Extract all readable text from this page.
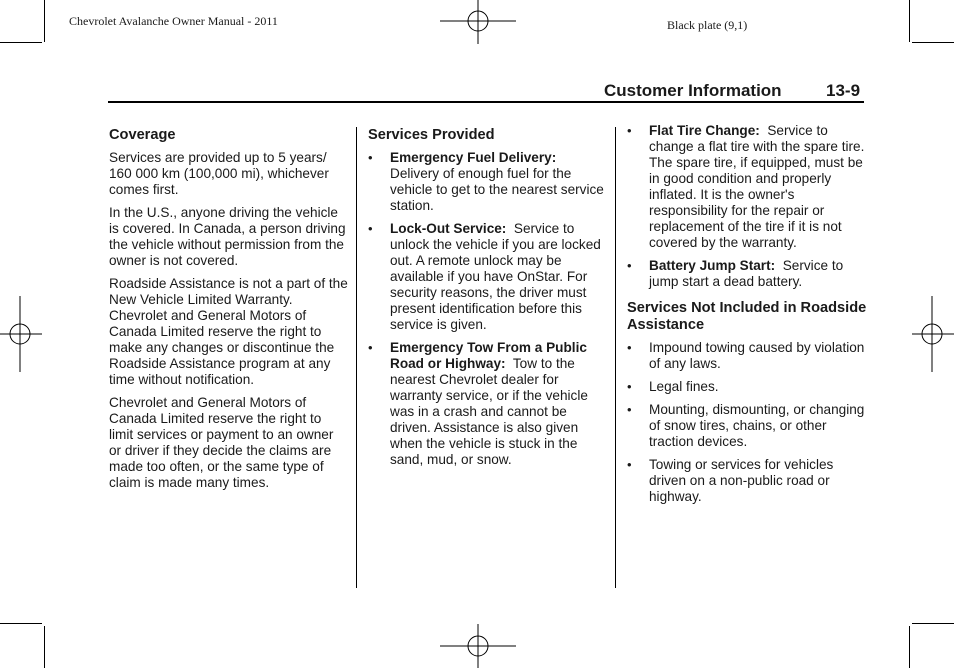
Chevrolet Avalanche Owner Manual - 2011	Black plate (9,1)
Customer Information	13-9
Coverage

Services are provided up to 5 years/ 160 000 km (100,000 mi), whichever comes first.

In the U.S., anyone driving the vehicle is covered. In Canada, a person driving the vehicle without permission from the owner is not covered.

Roadside Assistance is not a part of the New Vehicle Limited Warranty. Chevrolet and General Motors of Canada Limited reserve the right to make any changes or discontinue the Roadside Assistance program at any time without notification.

Chevrolet and General Motors of Canada Limited reserve the right to limit services or payment to an owner or driver if they decide the claims are made too often, or the same type of claim is made many times.

Services Provided
• Emergency Fuel Delivery: Delivery of enough fuel for the vehicle to get to the nearest service station.
• Lock-Out Service: Service to unlock the vehicle if you are locked out. A remote unlock may be available if you have OnStar. For security reasons, the driver must present identification before this service is given.
• Emergency Tow From a Public Road or Highway: Tow to the nearest Chevrolet dealer for warranty service, or if the vehicle was in a crash and cannot be driven. Assistance is also given when the vehicle is stuck in the sand, mud, or snow.
• Flat Tire Change: Service to change a flat tire with the spare tire. The spare tire, if equipped, must be in good condition and properly inflated. It is the owner's responsibility for the repair or replacement of the tire if it is not covered by the warranty.
• Battery Jump Start: Service to jump start a dead battery.
Services Not Included in Roadside Assistance
• Impound towing caused by violation of any laws.
• Legal fines.
• Mounting, dismounting, or changing of snow tires, chains, or other traction devices.
• Towing or services for vehicles driven on a non-public road or highway.
